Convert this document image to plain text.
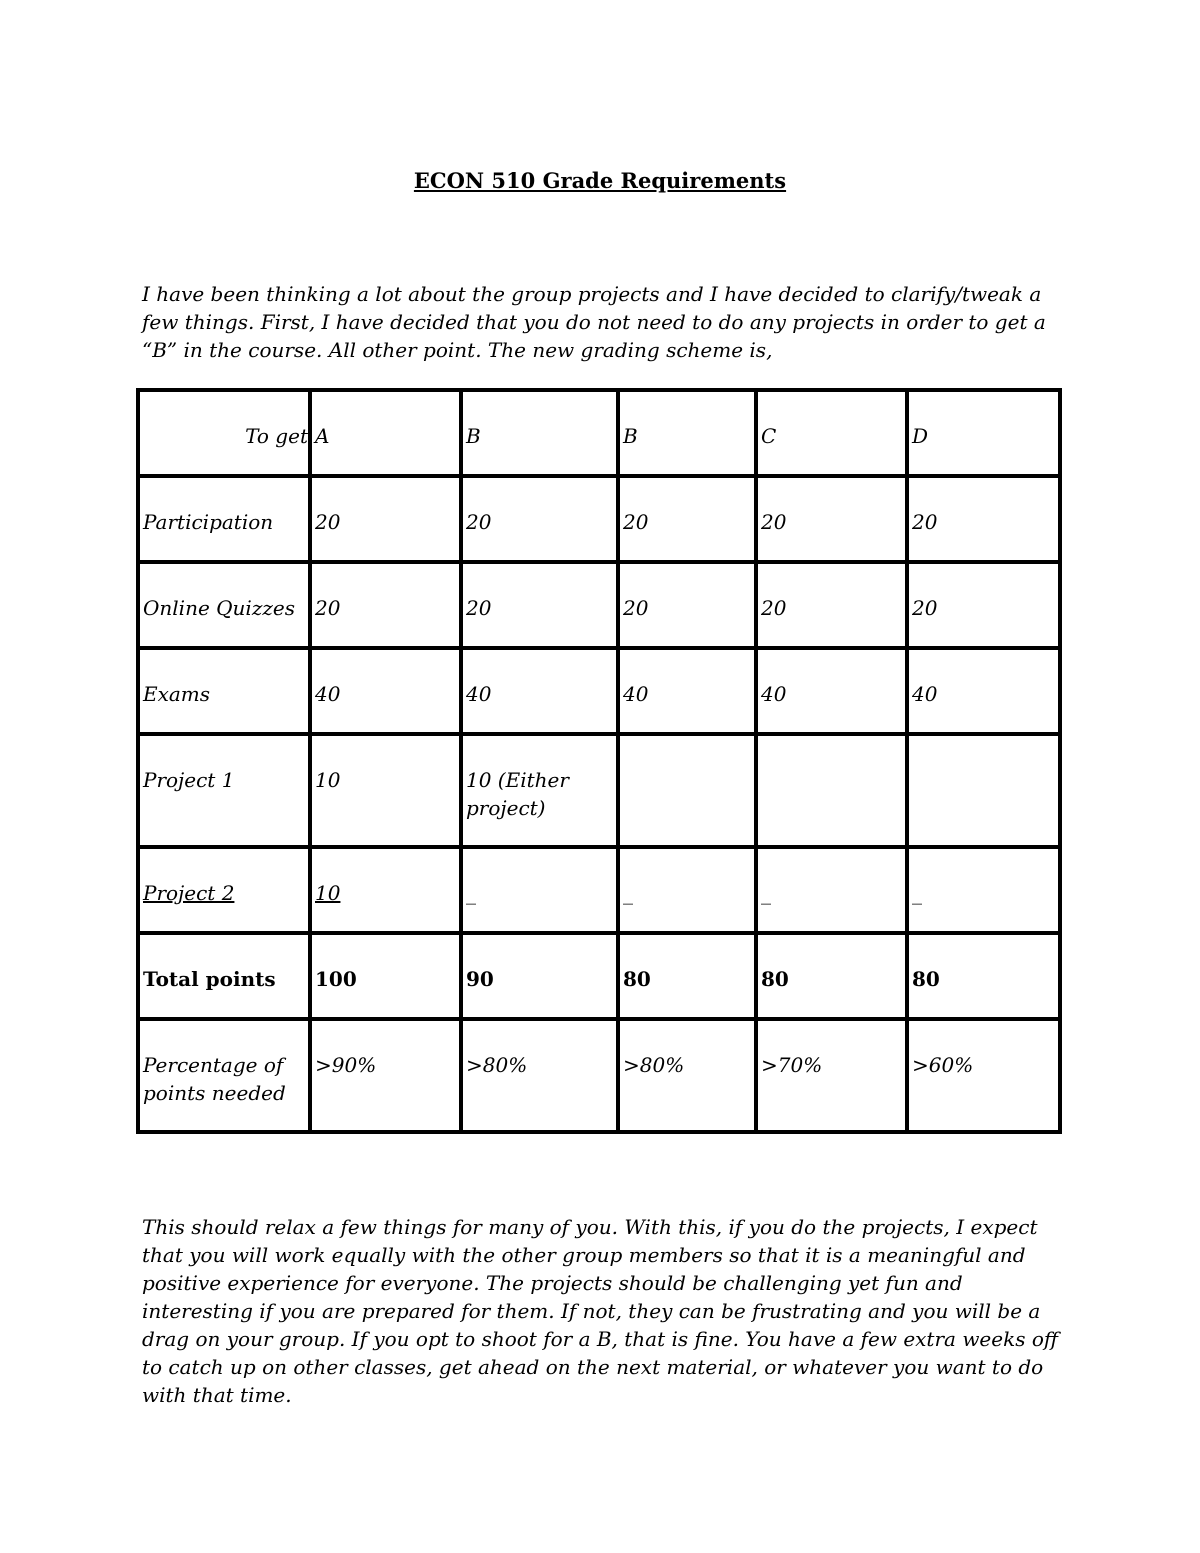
ECON 510 Grade Requirements
I have been thinking a lot about the group projects and I have decided to clarify/tweak a few things. First, I have decided that you do not need to do any projects in order to get a “B” in the course. All other point. The new grading scheme is,
To get	A	B	B	C	D
Participation	20	20	20	20	20
Online Quizzes	20	20	20	20	20
Exams	40	40	40	40	40
Project 1	10	10 (Either project)			
Project 2	10	_	_	_	_
Total points	100	90	80	80	80
Percentage of points needed	>90%	>80%	>80%	>70%	>60%
This should relax a few things for many of you. With this, if you do the projects, I expect that you will work equally with the other group members so that it is a meaningful and positive experience for everyone. The projects should be challenging yet fun and interesting if you are prepared for them. If not, they can be frustrating and you will be a drag on your group. If you opt to shoot for a B, that is fine. You have a few extra weeks off to catch up on other classes, get ahead on the next material, or whatever you want to do with that time.
